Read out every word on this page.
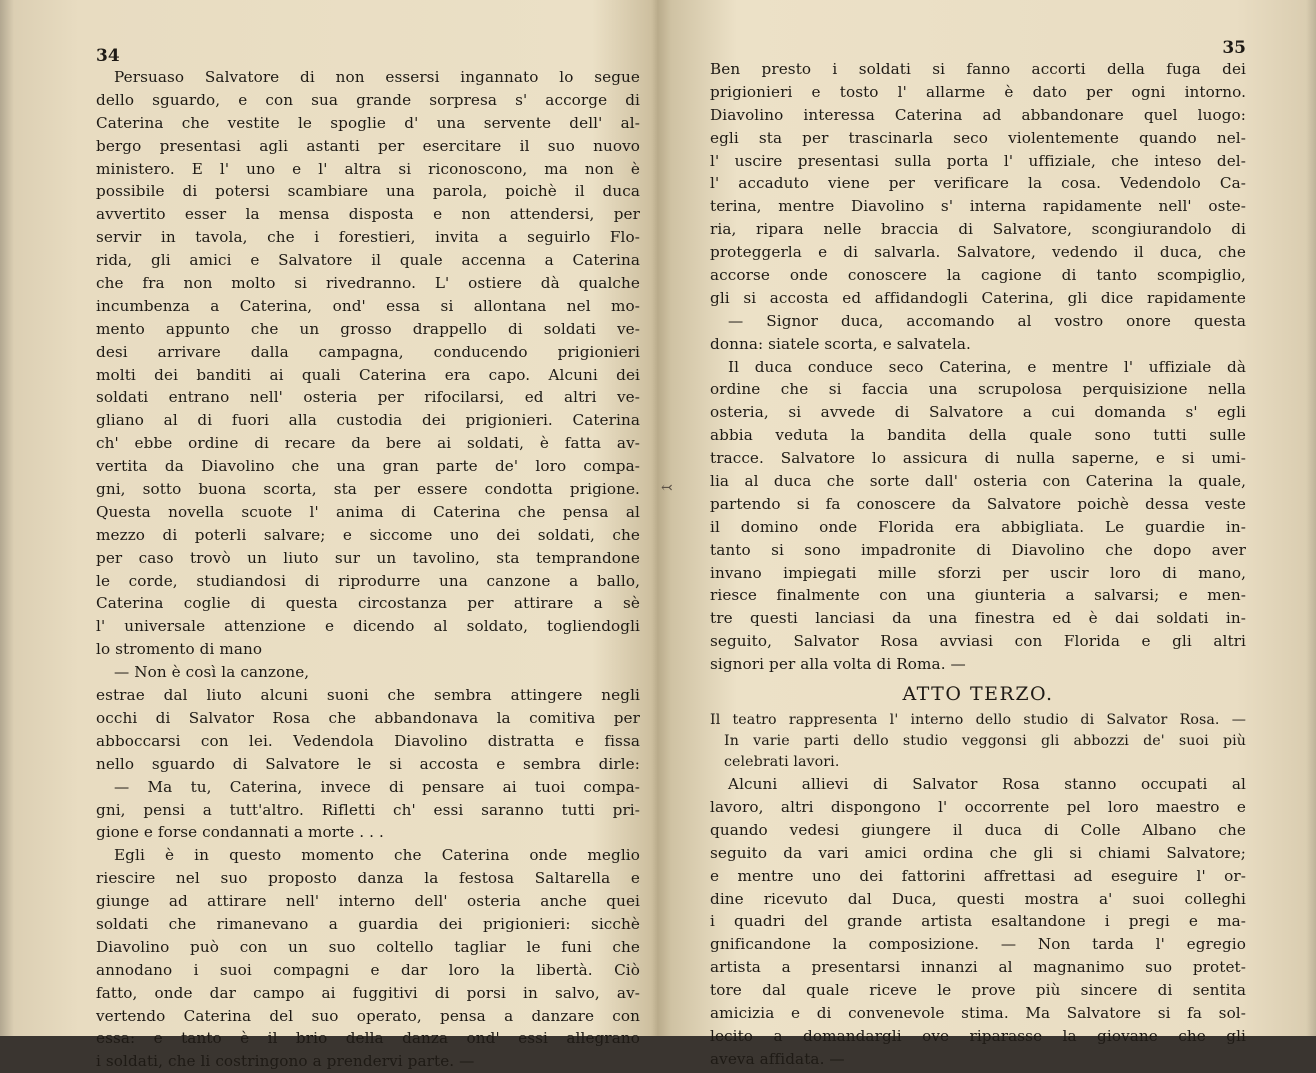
34
Persuaso Salvatore di non essersi ingannato lo segue
dello sguardo, e con sua grande sorpresa s' accorge di
Caterina che vestite le spoglie d' una servente dell' al-
bergo presentasi agli astanti per esercitare il suo nuovo
ministero. E l' uno e l' altra si riconoscono, ma non è
possibile di potersi scambiare una parola, poichè il duca
avvertito esser la mensa disposta e non attendersi, per
servir in tavola, che i forestieri, invita a seguirlo Flo-
rida, gli amici e Salvatore il quale accenna a Caterina
che fra non molto si rivedranno. L' ostiere dà qualche
incumbenza a Caterina, ond' essa si allontana nel mo-
mento appunto che un grosso drappello di soldati ve-
desi arrivare dalla campagna, conducendo prigionieri
molti dei banditi ai quali Caterina era capo. Alcuni dei
soldati entrano nell' osteria per rifocilarsi, ed altri ve-
gliano al di fuori alla custodia dei prigionieri. Caterina
ch' ebbe ordine di recare da bere ai soldati, è fatta av-
vertita da Diavolino che una gran parte de' loro compa-
gni, sotto buona scorta, sta per essere condotta prigione.
Questa novella scuote l' anima di Caterina che pensa al
mezzo di poterli salvare; e siccome uno dei soldati, che
per caso trovò un liuto sur un tavolino, sta temprandone
le corde, studiandosi di riprodurre una canzone a ballo,
Caterina coglie di questa circostanza per attirare a sè
l' universale attenzione e dicendo al soldato, togliendogli
lo stromento di mano
— Non è così la canzone,
estrae dal liuto alcuni suoni che sembra attingere negli
occhi di Salvator Rosa che abbandonava la comitiva per
abboccarsi con lei. Vedendola Diavolino distratta e fissa
nello sguardo di Salvatore le si accosta e sembra dirle:
— Ma tu, Caterina, invece di pensare ai tuoi compa-
gni, pensi a tutt'altro. Rifletti ch' essi saranno tutti pri-
gione e forse condannati a morte . . .
Egli è in questo momento che Caterina onde meglio
riescire nel suo proposto danza la festosa Saltarella e
giunge ad attirare nell' interno dell' osteria anche quei
soldati che rimanevano a guardia dei prigionieri: sicchè
Diavolino può con un suo coltello tagliar le funi che
annodano i suoi compagni e dar loro la libertà. Ciò
fatto, onde dar campo ai fuggitivi di porsi in salvo, av-
vertendo Caterina del suo operato, pensa a danzare con
essa: e tanto è il brio della danza ond' essi allegrano
i soldati, che li costringono a prendervi parte. —
↢
35
Ben presto i soldati si fanno accorti della fuga dei
prigionieri e tosto l' allarme è dato per ogni intorno.
Diavolino interessa Caterina ad abbandonare quel luogo:
egli sta per trascinarla seco violentemente quando nel-
l' uscire presentasi sulla porta l' uffiziale, che inteso del-
l' accaduto viene per verificare la cosa. Vedendolo Ca-
terina, mentre Diavolino s' interna rapidamente nell' oste-
ria, ripara nelle braccia di Salvatore, scongiurandolo di
proteggerla e di salvarla. Salvatore, vedendo il duca, che
accorse onde conoscere la cagione di tanto scompiglio,
gli si accosta ed affidandogli Caterina, gli dice rapidamente
— Signor duca, accomando al vostro onore questa
donna: siatele scorta, e salvatela.
Il duca conduce seco Caterina, e mentre l' uffiziale dà
ordine che si faccia una scrupolosa perquisizione nella
osteria, si avvede di Salvatore a cui domanda s' egli
abbia veduta la bandita della quale sono tutti sulle
tracce. Salvatore lo assicura di nulla saperne, e si umi-
lia al duca che sorte dall' osteria con Caterina la quale,
partendo si fa conoscere da Salvatore poichè dessa veste
il domino onde Florida era abbigliata. Le guardie in-
tanto si sono impadronite di Diavolino che dopo aver
invano impiegati mille sforzi per uscir loro di mano,
riesce finalmente con una giunteria a salvarsi; e men-
tre questi lanciasi da una finestra ed è dai soldati in-
seguito, Salvator Rosa avviasi con Florida e gli altri
signori per alla volta di Roma. —
ATTO TERZO.
Il teatro rappresenta l' interno dello studio di Salvator Rosa. —
In varie parti dello studio veggonsi gli abbozzi de' suoi più
celebrati lavori.
Alcuni allievi di Salvator Rosa stanno occupati al
lavoro, altri dispongono l' occorrente pel loro maestro e
quando vedesi giungere il duca di Colle Albano che
seguito da vari amici ordina che gli si chiami Salvatore;
e mentre uno dei fattorini affrettasi ad eseguire l' or-
dine ricevuto dal Duca, questi mostra a' suoi colleghi
i quadri del grande artista esaltandone i pregi e ma-
gnificandone la composizione. — Non tarda l' egregio
artista a presentarsi innanzi al magnanimo suo protet-
tore dal quale riceve le prove più sincere di sentita
amicizia e di convenevole stima. Ma Salvatore si fa sol-
lecito a domandargli ove riparasse la giovane che gli
aveva affidata. —
